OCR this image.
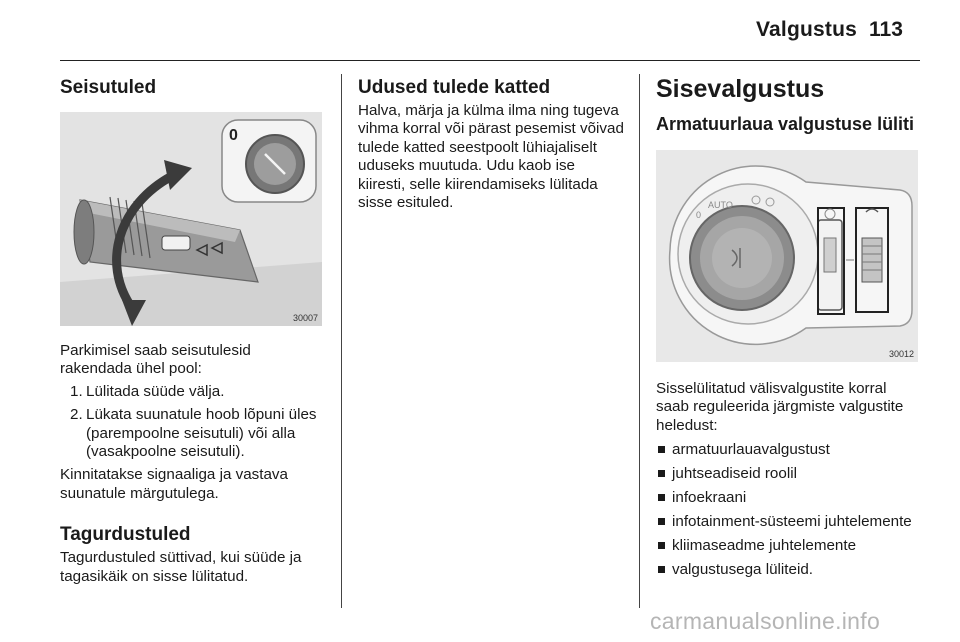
Valgustus 113
Seisutuled
0
30007

Parkimisel saab seisutulesid rakendada ühel pool:

1. Lülitada süüde välja.
2. Lükata suunatule hoob lõpuni üles (parempoolne seisutuli) või alla (vasakpoolne seisutuli).

Kinnitatakse signaaliga ja vastava suunatule märgutulega.

Tagurdustuled

Tagurdustuled süttivad, kui süüde ja tagasikäik on sisse lülitatud.

Udused tulede katted

Halva, märja ja külma ilma ning tugeva vihma korral või pärast pesemist võivad tulede katted seestpoolt lühiajaliselt uduseks muutuda. Udu kaob ise kiiresti, selle kiirendamiseks lülitada sisse esituled.

Sisevalgustus
Armatuurlaua valgustuse lüliti
0
AUTO
30012

Sisselülitatud välisvalgustite korral saab reguleerida järgmiste valgustite heledust:

armatuurlauavalgustust
juhtseadiseid roolil
infoekraani
infotainment-süsteemi juhtelemente
kliimaseadme juhtelemente
valgustusega lüliteid.
carmanualsonline.info
